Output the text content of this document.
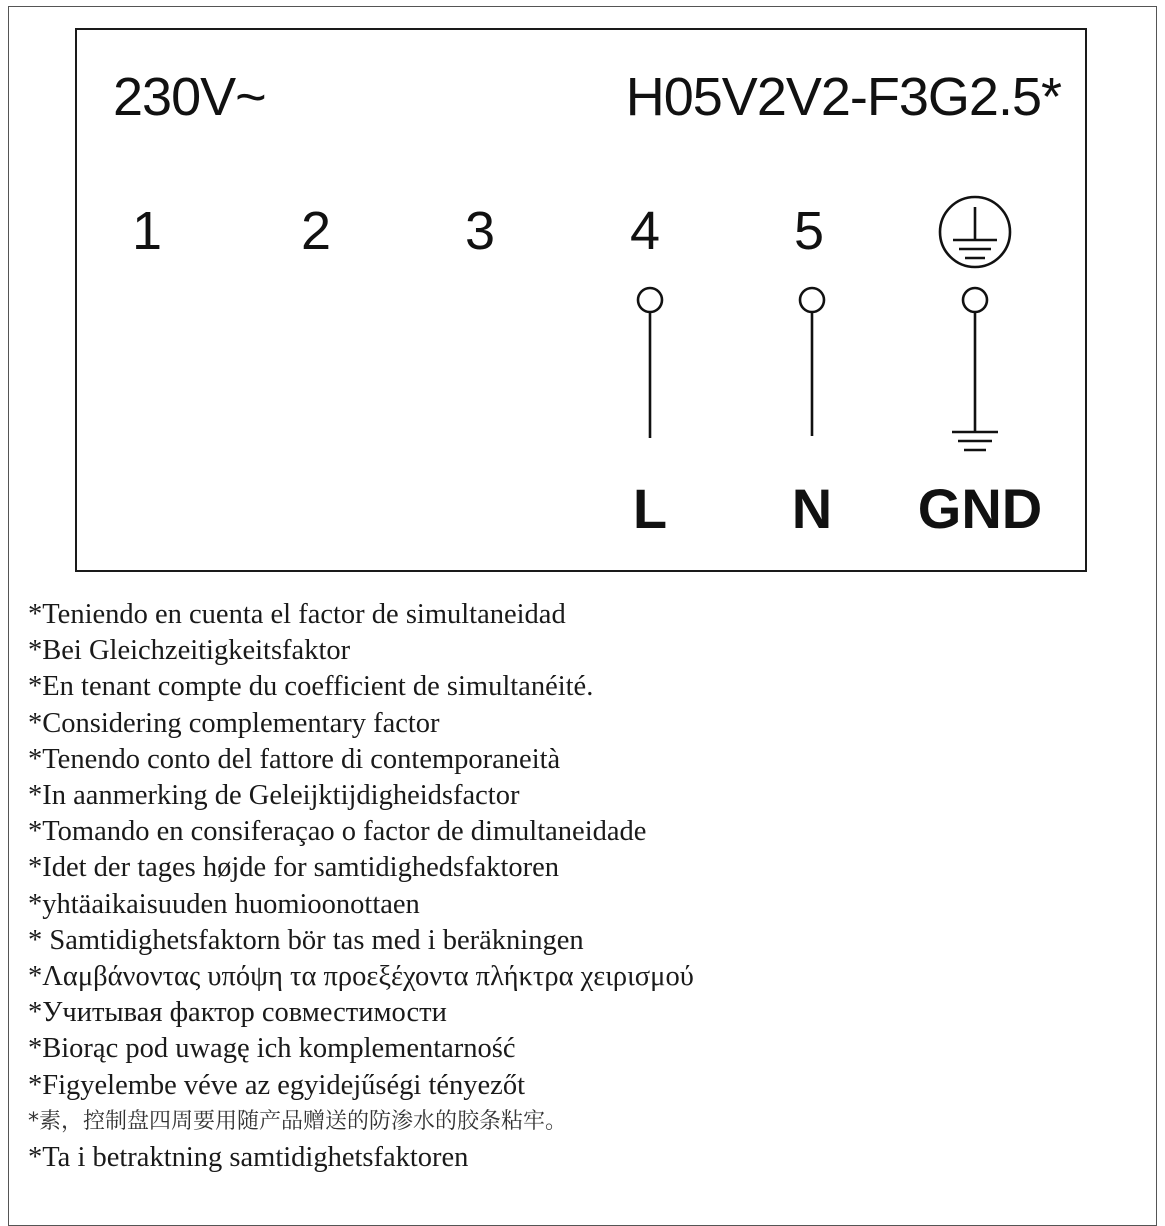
230V~	H05V2V2-F3G2.5*
1	2	3	4	5
L N GND
*Teniendo en cuenta el factor de simultaneidad
*Bei Gleichzeitigkeitsfaktor
*En tenant compte du coefficient de simultanéité.
*Considering complementary factor
*Tenendo conto del fattore di contemporaneità
*In aanmerking de Geleijktijdigheidsfactor
*Tomando en consiferaçao o factor de dimultaneidade
*Idet der tages højde for samtidighedsfaktoren
*yhtäaikaisuuden huomioonottaen
* Samtidighetsfaktorn bör tas med i beräkningen
*Λαμβάνοντας υπόψη τα προεξέχοντα πλήκτρα χειρισμού
*Учитывая фактор совместимости
*Biorąc pod uwagę ich komplementarność
*Figyelembe véve az egyidejűségi tényezőt
*素，控制盘四周要用随产品赠送的防渗水的胶条粘牢。
*Ta i betraktning samtidighetsfaktoren
